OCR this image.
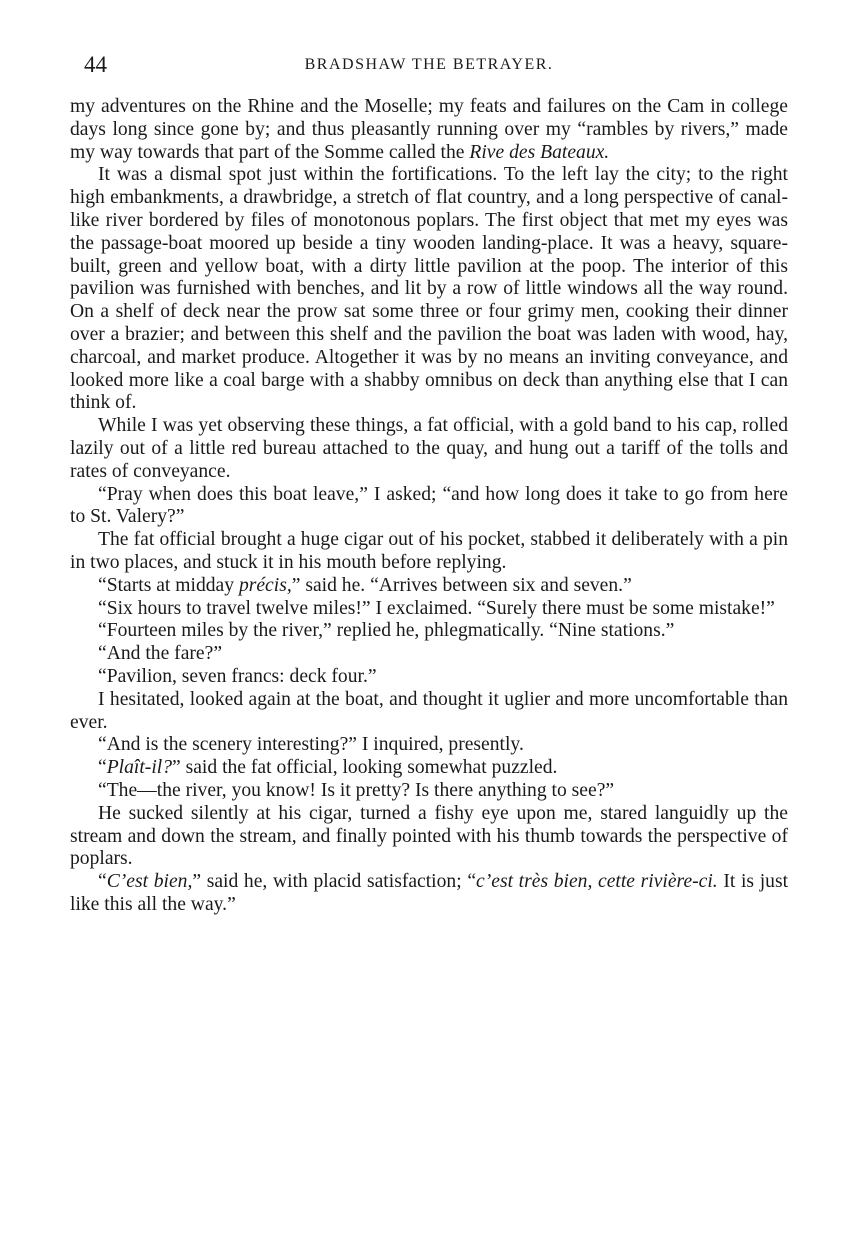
44	BRADSHAW THE BETRAYER.

my adventures on the Rhine and the Moselle; my feats and failures on the Cam in college days long since gone by; and thus pleasantly running over my “rambles by rivers,” made my way towards that part of the Somme called the Rive des Bateaux.

It was a dismal spot just within the fortifications. To the left lay the city; to the right high embankments, a drawbridge, a stretch of flat country, and a long perspective of canal-like river bordered by files of monotonous poplars. The first object that met my eyes was the passage-boat moored up beside a tiny wooden landing-place. It was a heavy, square-built, green and yellow boat, with a dirty little pavilion at the poop. The interior of this pavilion was furnished with benches, and lit by a row of little windows all the way round. On a shelf of deck near the prow sat some three or four grimy men, cooking their dinner over a brazier; and between this shelf and the pavilion the boat was laden with wood, hay, charcoal, and market produce. Altogether it was by no means an inviting conveyance, and looked more like a coal barge with a shabby omnibus on deck than anything else that I can think of.

While I was yet observing these things, a fat official, with a gold band to his cap, rolled lazily out of a little red bureau attached to the quay, and hung out a tariff of the tolls and rates of conveyance.

“Pray when does this boat leave,” I asked; “and how long does it take to go from here to St. Valery?”

The fat official brought a huge cigar out of his pocket, stabbed it deliberately with a pin in two places, and stuck it in his mouth before replying.

“Starts at midday précis,” said he. “Arrives between six and seven.”

“Six hours to travel twelve miles!” I exclaimed. “Surely there must be some mistake!”

“Fourteen miles by the river,” replied he, phlegmatically. “Nine stations.”

“And the fare?”

“Pavilion, seven francs: deck four.”

I hesitated, looked again at the boat, and thought it uglier and more uncomfortable than ever.

“And is the scenery interesting?” I inquired, presently.

“Plaît-il?” said the fat official, looking somewhat puzzled.

“The—the river, you know! Is it pretty? Is there anything to see?”

He sucked silently at his cigar, turned a fishy eye upon me, stared languidly up the stream and down the stream, and finally pointed with his thumb towards the perspective of poplars.

“C’est bien,” said he, with placid satisfaction; “c’est très bien, cette rivière-ci. It is just like this all the way.”
